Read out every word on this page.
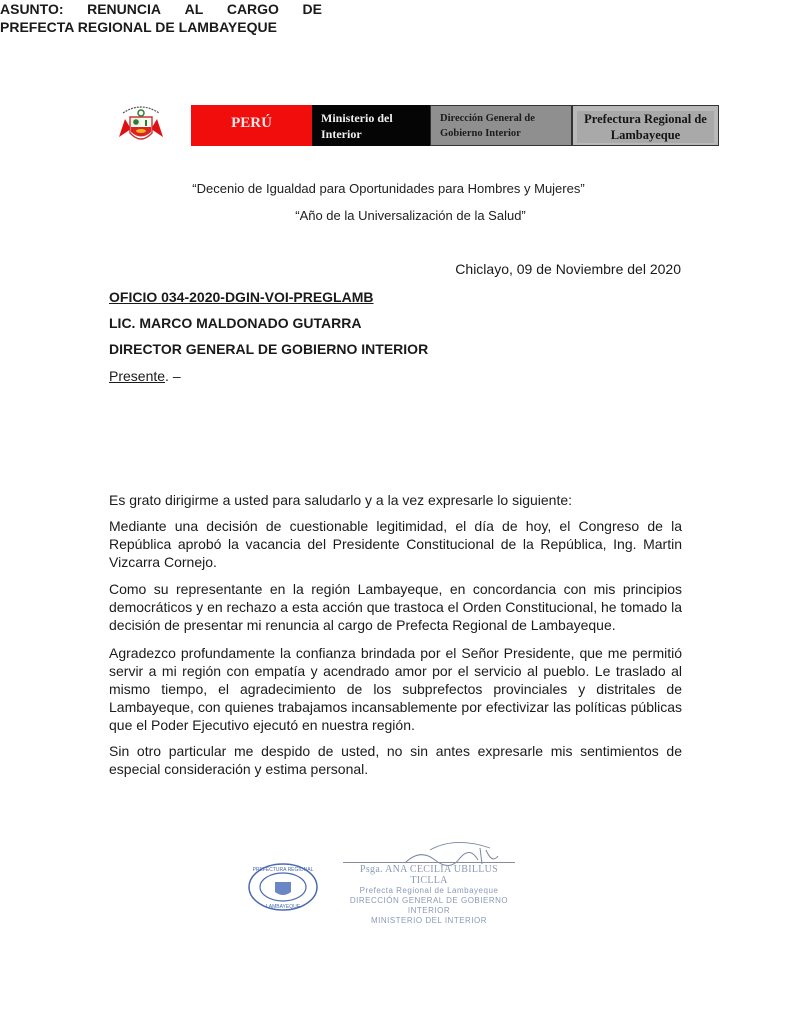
PERÚ	Ministerio del
Interior
Dirección General de
Gobierno Interior
Prefectura Regional de
Lambayeque
“Decenio de Igualdad para Oportunidades para Hombres y Mujeres”
“Año de la Universalización de la Salud”
Chiclayo, 09 de Noviembre del 2020
OFICIO 034-2020-DGIN-VOI-PREGLAMB
LIC. MARCO MALDONADO GUTARRA
DIRECTOR GENERAL DE GOBIERNO INTERIOR
Presente. –
ASUNTO: RENUNCIA AL CARGO DE
PREFECTA REGIONAL DE LAMBAYEQUE
Es grato dirigirme a usted para saludarlo y a la vez expresarle lo siguiente:
Mediante una decisión de cuestionable legitimidad, el día de hoy, el Congreso de la República aprobó la vacancia del Presidente Constitucional de la República, Ing. Martin Vizcarra Cornejo.
Como su representante en la región Lambayeque, en concordancia con mis principios democráticos y en rechazo a esta acción que trastoca el Orden Constitucional, he tomado la decisión de presentar mi renuncia al cargo de Prefecta Regional de Lambayeque.
Agradezco profundamente la confianza brindada por el Señor Presidente, que me permitió servir a mi región con empatía y acendrado amor por el servicio al pueblo. Le traslado al mismo tiempo, el agradecimiento de los subprefectos provinciales y distritales de Lambayeque, con quienes trabajamos incansablemente por efectivizar las políticas públicas que el Poder Ejecutivo ejecutó en nuestra región.
Sin otro particular me despido de usted, no sin antes expresarle mis sentimientos de especial consideración y estima personal.
PREFECTURA REGIONAL
LAMBAYEQUE
Psga. ANA CECILIA UBILLUS TICLLA
Prefecta Regional de Lambayeque
DIRECCIÓN GENERAL DE GOBIERNO INTERIOR
MINISTERIO DEL INTERIOR
